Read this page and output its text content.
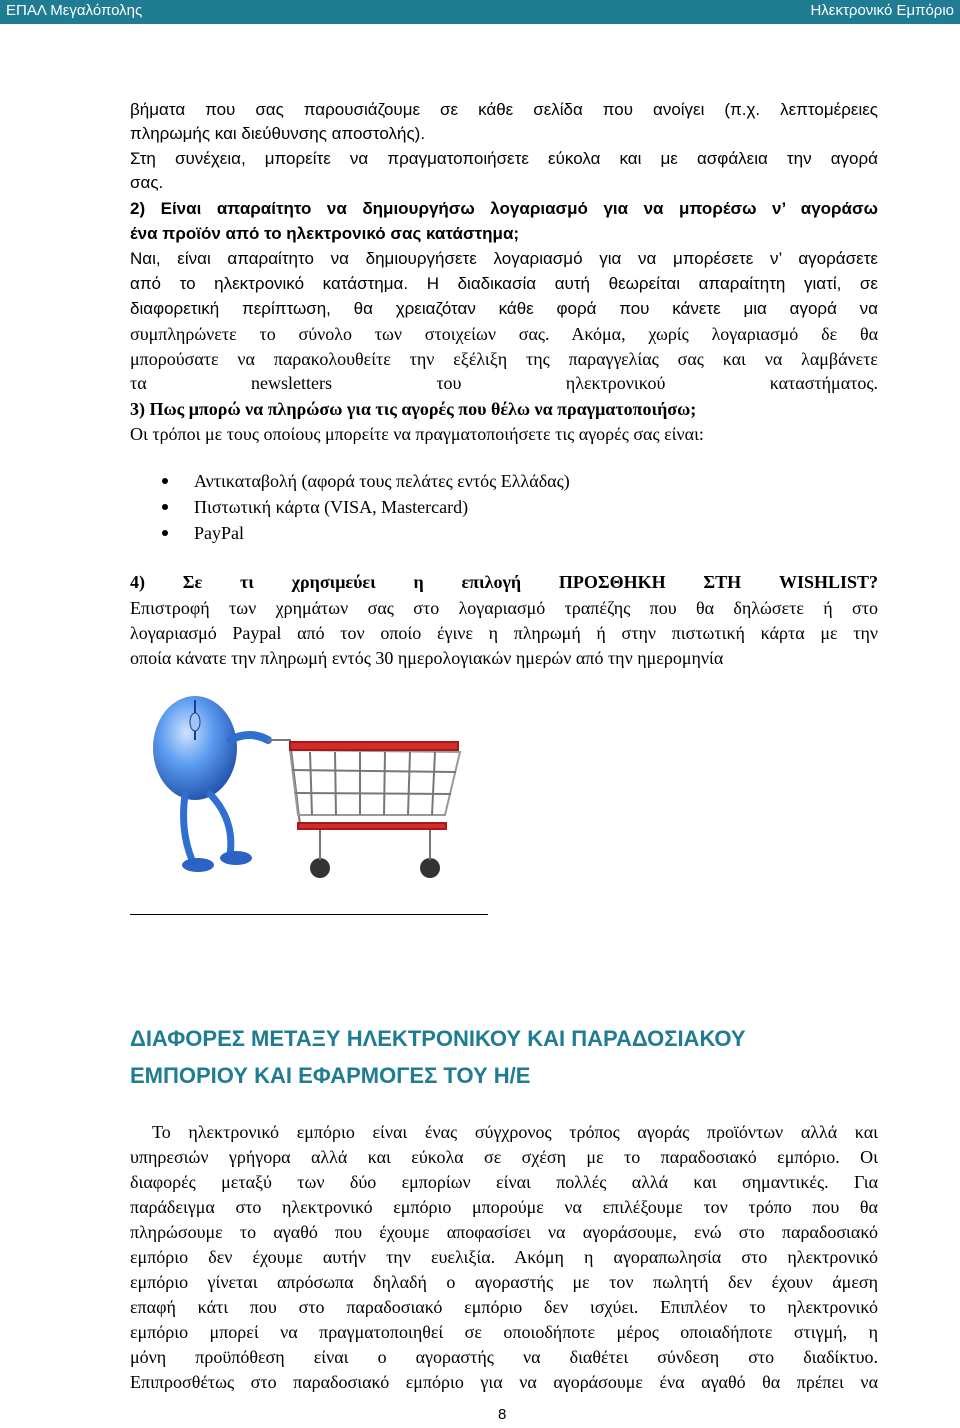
ΕΠΑΛ Μεγαλόπολης	Ηλεκτρονικό Εμπόριο
βήματα που σας παρουσιάζουμε σε κάθε σελίδα που ανοίγει (π.χ. λεπτομέρειες
πληρωμής και διεύθυνσης αποστολής).
Στη συνέχεια, μπορείτε να πραγματοποιήσετε εύκολα και με ασφάλεια την αγορά
σας.
2) Είναι απαραίτητο να δημιουργήσω λογαριασμό για να μπορέσω ν’ αγοράσω
ένα προϊόν από το ηλεκτρονικό σας κατάστημα;
Ναι, είναι απαραίτητο να δημιουργήσετε λογαριασμό για να μπορέσετε ν’ αγοράσετε
από το ηλεκτρονικό κατάστημα. Η διαδικασία αυτή θεωρείται απαραίτητη γιατί, σε
διαφορετική περίπτωση, θα χρειαζόταν κάθε φορά που κάνετε μια αγορά να
συμπληρώνετε το σύνολο των στοιχείων σας. Ακόμα, χωρίς λογαριασμό δε θα
μπορούσατε να παρακολουθείτε την εξέλιξη της παραγγελίας σας και να λαμβάνετε
τα newsletters του ηλεκτρονικού καταστήματος.
3) Πως μπορώ να πληρώσω για τις αγορές που θέλω να πραγματοποιήσω;
Οι τρόποι με τους οποίους μπορείτε να πραγματοποιήσετε τις αγορές σας είναι:
Αντικαταβολή (αφορά τους πελάτες εντός Ελλάδας)
Πιστωτική κάρτα (VISA, Mastercard)
PayPal
4) Σε τι χρησιμεύει η επιλογή ΠΡΟΣΘΗΚΗ ΣΤΗ WISHLIST?
Επιστροφή των χρημάτων σας στο λογαριασμό τραπέζης που θα δηλώσετε ή στο
λογαριασμό Paypal από τον οποίο έγινε η πληρωμή ή στην πιστωτική κάρτα με την
οποία κάνατε την πληρωμή εντός 30 ημερολογιακών ημερών από την ημερομηνία
ΔΙΑΦΟΡΕΣ ΜΕΤΑΞΥ ΗΛΕΚΤΡΟΝΙΚΟΥ ΚΑΙ ΠΑΡΑΔΟΣΙΑΚΟΥ
ΕΜΠΟΡΙΟΥ ΚΑΙ ΕΦΑΡΜΟΓΕΣ ΤΟΥ Η/Ε
Το ηλεκτρονικό εμπόριο είναι ένας σύγχρονος τρόπος αγοράς προϊόντων αλλά και
υπηρεσιών γρήγορα αλλά και εύκολα σε σχέση με το παραδοσιακό εμπόριο. Οι
διαφορές μεταξύ των δύο εμπορίων είναι πολλές αλλά και σημαντικές. Για
παράδειγμα στο ηλεκτρονικό εμπόριο μπορούμε να επιλέξουμε τον τρόπο που θα
πληρώσουμε το αγαθό που έχουμε αποφασίσει να αγοράσουμε, ενώ στο παραδοσιακό
εμπόριο δεν έχουμε αυτήν την ευελιξία. Ακόμη η αγοραπωλησία στο ηλεκτρονικό
εμπόριο γίνεται απρόσωπα δηλαδή ο αγοραστής με τον πωλητή δεν έχουν άμεση
επαφή κάτι που στο παραδοσιακό εμπόριο δεν ισχύει. Επιπλέον το ηλεκτρονικό
εμπόριο μπορεί να πραγματοποιηθεί σε οποιοδήποτε μέρος οποιαδήποτε στιγμή, η
μόνη προϋπόθεση είναι ο αγοραστής να διαθέτει σύνδεση στο διαδίκτυο.
Επιπροσθέτως στο παραδοσιακό εμπόριο για να αγοράσουμε ένα αγαθό θα πρέπει να
8
